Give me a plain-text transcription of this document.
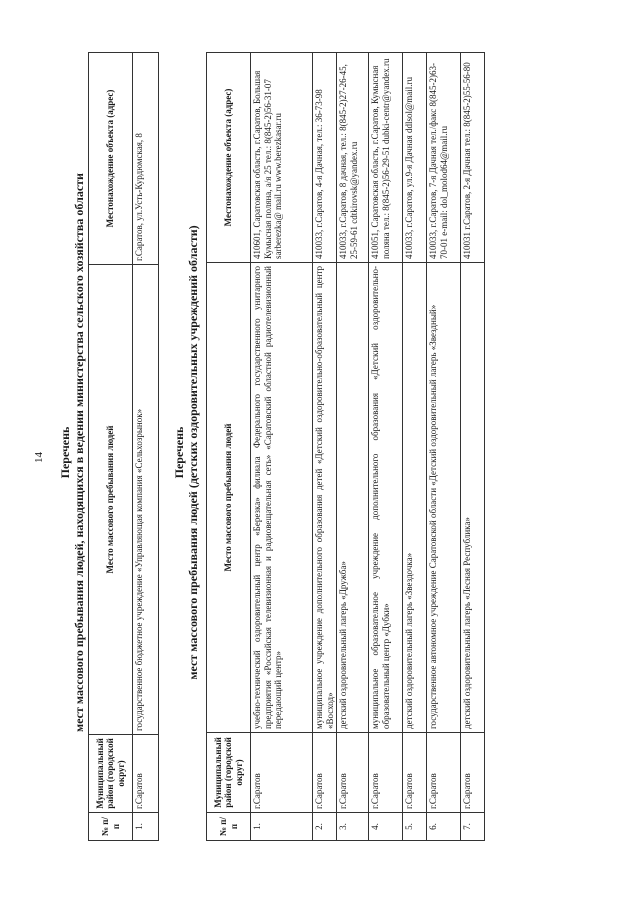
14 Перечень мест массового пребывания людей, находящихся в ведении министерства сельского хозяйства области
№ п/п	Муниципальный район (городской округ)	Место массового пребывания людей	Местонахождение объекта (адрес)
1.	г.Саратов	государственное бюджетное учреждение «Управляющая компания «Сельхозрынок»	г.Саратов, ул.Усть-Курдюмская, 8
Перечень мест массового пребывания людей (детских оздоровительных учреждений области)
№ п/п	Муниципальный район (городской округ)	Место массового пребывания людей	Местонахождение объекта (адрес)
1.	г.Саратов	учебно-технический оздоровительный центр «Березка» филиала Федерального государственного унитарного предприятия «Российская телевизионная и радиовещательная сеть» «Саратовский областной радиотелевизионный передающий центр»	410601, Саратовская область, г.Саратов, Большая Кумысная поляна, а/я 25 тел.: 8(845-2)56-31-07 sarberezka@ mail.ru www.berezkasar.ru
2.	г.Саратов	муниципальное учреждение дополнительного образования детей «Детский оздоровительно-образовательный центр «Восход»	410033, г.Саратов, 4-я Дачная, тел.: 36-73-98
3.	г.Саратов	детский оздоровительный лагерь «Дружба»	410033, г.Саратов, 8 дачная, тел.: 8(845-2)27-26-45, 25-59-61 cdtkirovsk@yandex.ru
4.	г.Саратов	муниципальное образовательное учреждение дополнительного образования «Детский оздоровительно-образовательный центр «Дубки»	410051, Саратовская область, г.Саратов, Кумысная поляна тел.: 8(845-2)56-29-51 dubki-centr@yandex.ru
5.	г.Саратов	детский оздоровительный лагерь «Звездочка»	410033, г.Саратов, ул.9-я Дачная ddlsol@mail.ru
6.	г.Саратов	государственное автономное учреждение Саратовской области «Детский оздоровительный лагерь «Звездный»	410033, г.Саратов, 7-я Дачная тел./факс 8(845-2)63-70-01 e-mail: dol_molod64@mail.ru
7.	г.Саратов	детский оздоровительный лагерь «Лесная Республика»	410031 г.Саратов, 2-я Дачная тел.: 8(845-2)55-56-80
